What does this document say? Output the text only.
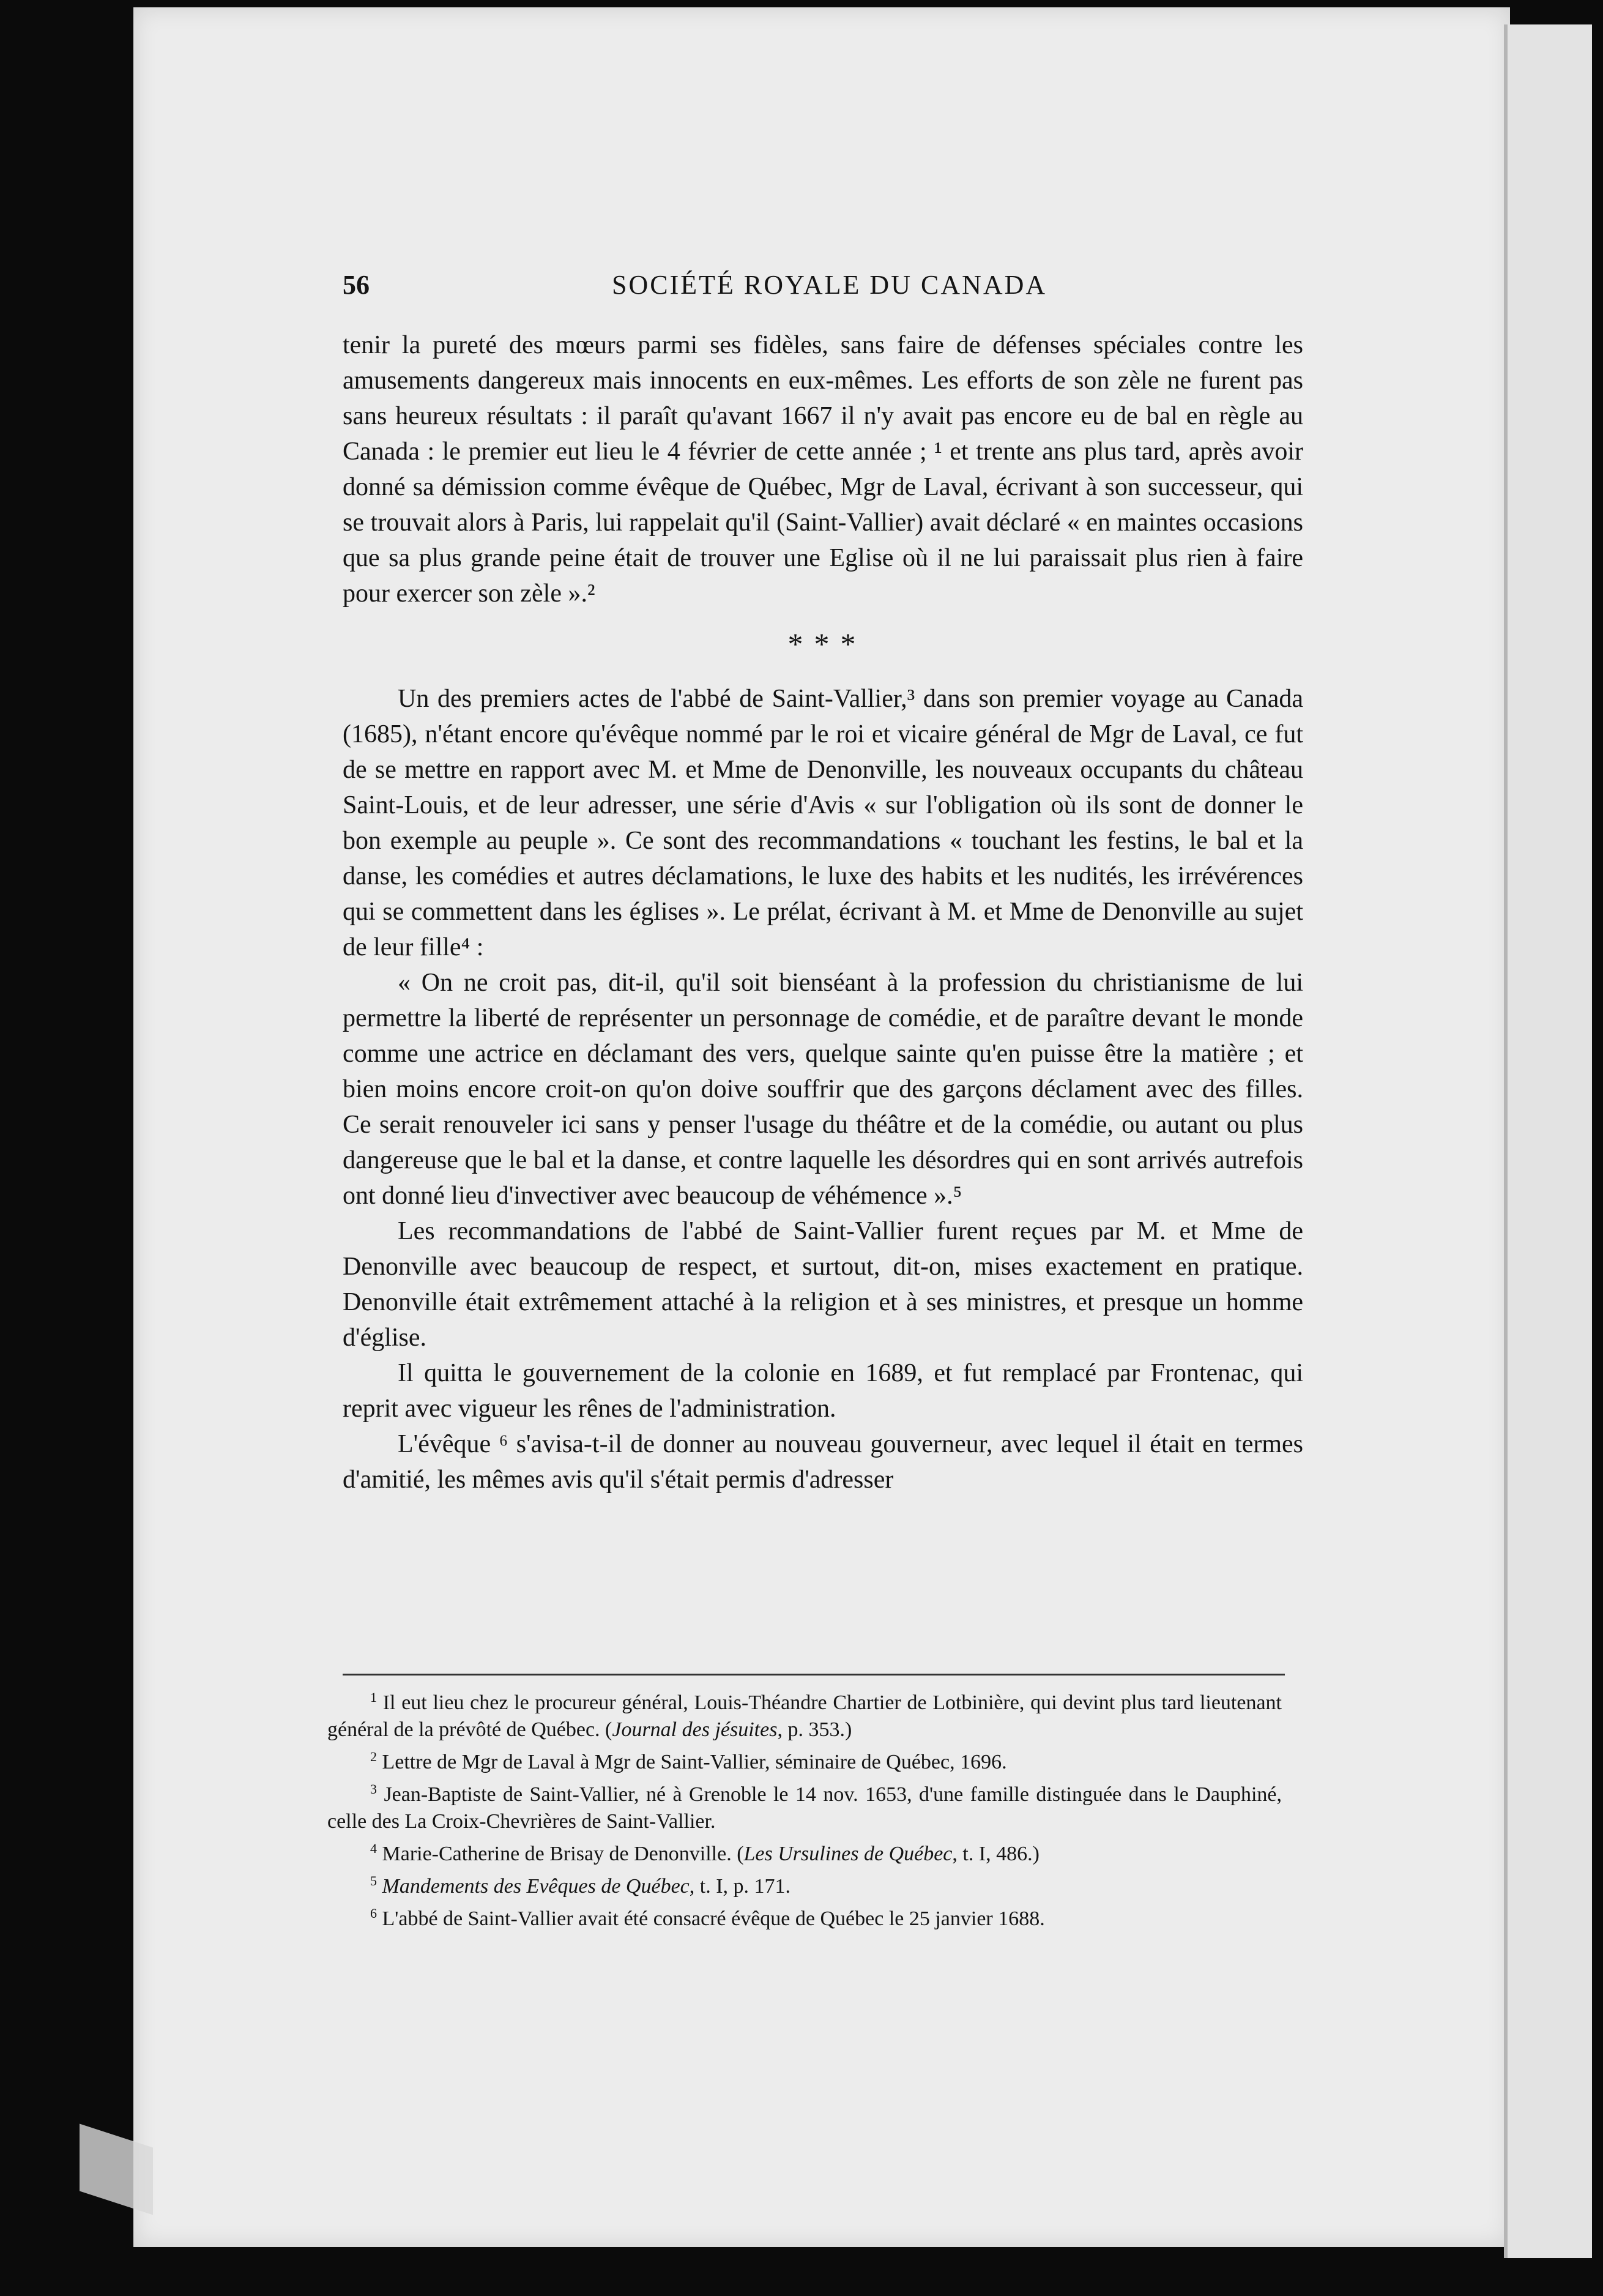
56	SOCIÉTÉ ROYALE DU CANADA

tenir la pureté des mœurs parmi ses fidèles, sans faire de défenses spéciales contre les amusements dangereux mais innocents en eux-mêmes. Les efforts de son zèle ne furent pas sans heureux résultats : il paraît qu'avant 1667 il n'y avait pas encore eu de bal en règle au Canada : le premier eut lieu le 4 février de cette année ; ¹ et trente ans plus tard, après avoir donné sa démission comme évêque de Québec, Mgr de Laval, écrivant à son successeur, qui se trouvait alors à Paris, lui rappelait qu'il (Saint-Vallier) avait déclaré « en maintes occasions que sa plus grande peine était de trouver une Eglise où il ne lui paraissait plus rien à faire pour exercer son zèle ».²

* * *

Un des premiers actes de l'abbé de Saint-Vallier,³ dans son premier voyage au Canada (1685), n'étant encore qu'évêque nommé par le roi et vicaire général de Mgr de Laval, ce fut de se mettre en rapport avec M. et Mme de Denonville, les nouveaux occupants du château Saint-Louis, et de leur adresser, une série d'Avis « sur l'obligation où ils sont de donner le bon exemple au peuple ». Ce sont des recommandations « touchant les festins, le bal et la danse, les comédies et autres déclamations, le luxe des habits et les nudités, les irrévérences qui se commettent dans les églises ». Le prélat, écrivant à M. et Mme de Denonville au sujet de leur fille⁴ :

« On ne croit pas, dit-il, qu'il soit bienséant à la profession du christianisme de lui permettre la liberté de représenter un personnage de comédie, et de paraître devant le monde comme une actrice en déclamant des vers, quelque sainte qu'en puisse être la matière ; et bien moins encore croit-on qu'on doive souffrir que des garçons déclament avec des filles. Ce serait renouveler ici sans y penser l'usage du théâtre et de la comédie, ou autant ou plus dangereuse que le bal et la danse, et contre laquelle les désordres qui en sont arrivés autrefois ont donné lieu d'invectiver avec beaucoup de véhémence ».⁵

Les recommandations de l'abbé de Saint-Vallier furent reçues par M. et Mme de Denonville avec beaucoup de respect, et surtout, dit-on, mises exactement en pratique. Denonville était extrêmement attaché à la religion et à ses ministres, et presque un homme d'église.

Il quitta le gouvernement de la colonie en 1689, et fut remplacé par Frontenac, qui reprit avec vigueur les rênes de l'administration.

L'évêque ⁶ s'avisa-t-il de donner au nouveau gouverneur, avec lequel il était en termes d'amitié, les mêmes avis qu'il s'était permis d'adresser

$^1$ Il eut lieu chez le procureur général, Louis-Théandre Chartier de Lotbinière, qui devint plus tard lieutenant général de la prévôté de Québec. (Journal des jésuites, p. 353.)

$^2$ Lettre de Mgr de Laval à Mgr de Saint-Vallier, séminaire de Québec, 1696.

$^3$ Jean-Baptiste de Saint-Vallier, né à Grenoble le 14 nov. 1653, d'une famille distinguée dans le Dauphiné, celle des La Croix-Chevrières de Saint-Vallier.

$^4$ Marie-Catherine de Brisay de Denonville. (Les Ursulines de Québec, t. I, 486.)

$^5$ Mandements des Evêques de Québec, t. I, p. 171.

$^6$ L'abbé de Saint-Vallier avait été consacré évêque de Québec le 25 janvier 1688.
